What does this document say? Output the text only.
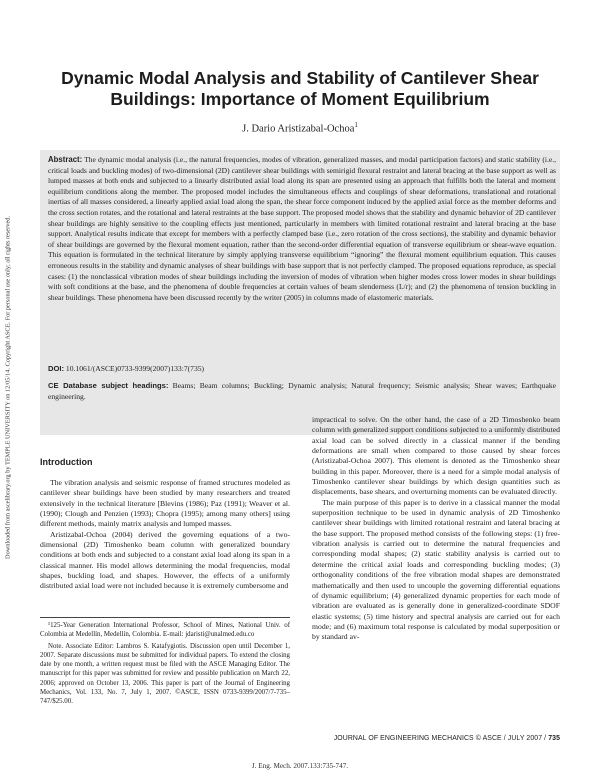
Downloaded from ascelibrary.org by TEMPLE UNIVERSITY on 12/05/14. Copyright ASCE. For personal use only; all rights reserved.
Dynamic Modal Analysis and Stability of Cantilever Shear Buildings: Importance of Moment Equilibrium
J. Dario Aristizabal-Ochoa$^1$
Abstract: The dynamic modal analysis (i.e., the natural frequencies, modes of vibration, generalized masses, and modal participation factors) and static stability (i.e., critical loads and buckling modes) of two-dimensional (2D) cantilever shear buildings with semirigid flexural restraint and lateral bracing at the base support as well as lumped masses at both ends and subjected to a linearly distributed axial load along its span are presented using an approach that fulfills both the lateral and moment equilibrium conditions along the member. The proposed model includes the simultaneous effects and couplings of shear deformations, translational and rotational inertias of all masses considered, a linearly applied axial load along the span, the shear force component induced by the applied axial force as the member deforms and the cross section rotates, and the rotational and lateral restraints at the base support. The proposed model shows that the stability and dynamic behavior of 2D cantilever shear buildings are highly sensitive to the coupling effects just mentioned, particularly in members with limited rotational restraint and lateral bracing at the base support. Analytical results indicate that except for members with a perfectly clamped base (i.e., zero rotation of the cross sections), the stability and dynamic behavior of shear buildings are governed by the flexural moment equation, rather than the second-order differential equation of transverse equilibrium or shear-wave equation. This equation is formulated in the technical literature by simply applying transverse equilibrium “ignoring” the flexural moment equilibrium equation. This causes erroneous results in the stability and dynamic analyses of shear buildings with base support that is not perfectly clamped. The proposed equations reproduce, as special cases: (1) the nonclassical vibration modes of shear buildings including the inversion of modes of vibration when higher modes cross lower modes in shear buildings with soft conditions at the base, and the phenomena of double frequencies at certain values of beam slenderness (L/r); and (2) the phenomena of tension buckling in shear buildings. These phenomena have been discussed recently by the writer (2005) in columns made of elastomeric materials.
DOI: 10.1061/(ASCE)0733-9399(2007)133:7(735)
CE Database subject headings: Beams; Beam columns; Buckling; Dynamic analysis; Natural frequency; Seismic analysis; Shear waves; Earthquake engineering.
Introduction

The vibration analysis and seismic response of framed structures modeled as cantilever shear buildings have been studied by many researchers and treated extensively in the technical literature [Blevins (1986); Paz (1991); Weaver et al. (1990); Clough and Penzien (1993); Chopra (1995); among many others] using different methods, mainly matrix analysis and lumped masses.

Aristizabal-Ochoa (2004) derived the governing equations of a two-dimensional (2D) Timoshenko beam column with generalized boundary conditions at both ends and subjected to a constant axial load along its span in a classical manner. His model allows determining the modal frequencies, modal shapes, buckling load, and shapes. However, the effects of a uniformly distributed axial load were not included because it is extremely cumbersome and

impractical to solve. On the other hand, the case of a 2D Timoshenko beam column with generalized support conditions subjected to a uniformly distributed axial load can be solved directly in a classical manner if the bending deformations are small when compared to those caused by shear forces (Aristizabal-Ochoa 2007). This element is denoted as the Timoshenko shear building in this paper. Moreover, there is a need for a simple modal analysis of Timoshenko cantilever shear buildings by which design quantities such as displacements, base shears, and overturning moments can be evaluated directly.

The main purpose of this paper is to derive in a classical manner the modal superposition technique to be used in dynamic analysis of 2D Timoshenko cantilever shear buildings with limited rotational restraint and lateral bracing at the base support. The proposed method consists of the following steps: (1) free-vibration analysis is carried out to determine the natural frequencies and corresponding modal shapes; (2) static stability analysis is carried out to determine the critical axial loads and corresponding buckling modes; (3) orthogonality conditions of the free vibration modal shapes are demonstrated mathematically and then used to uncouple the governing differential equations of dynamic equilibrium; (4) generalized dynamic properties for each mode of vibration are evaluated as is generally done in generalized-coordinate SDOF elastic systems; (5) time history and spectral analysis are carried out for each mode; and (6) maximum total response is calculated by modal superposition or by standard av-

¹125-Year Generation International Professor, School of Mines, National Univ. of Colombia at Medellín, Medellín, Colombia. E-mail: jdaristi@unalmed.edu.co

Note. Associate Editor: Lambros S. Katafygiotis. Discussion open until December 1, 2007. Separate discussions must be submitted for individual papers. To extend the closing date by one month, a written request must be filed with the ASCE Managing Editor. The manuscript for this paper was submitted for review and possible publication on March 22, 2006; approved on October 13, 2006. This paper is part of the Journal of Engineering Mechanics, Vol. 133, No. 7, July 1, 2007. ©ASCE, ISSN 0733-9399/2007/7-735–747/$25.00.

JOURNAL OF ENGINEERING MECHANICS © ASCE / JULY 2007 / 735
J. Eng. Mech. 2007.133:735-747.
